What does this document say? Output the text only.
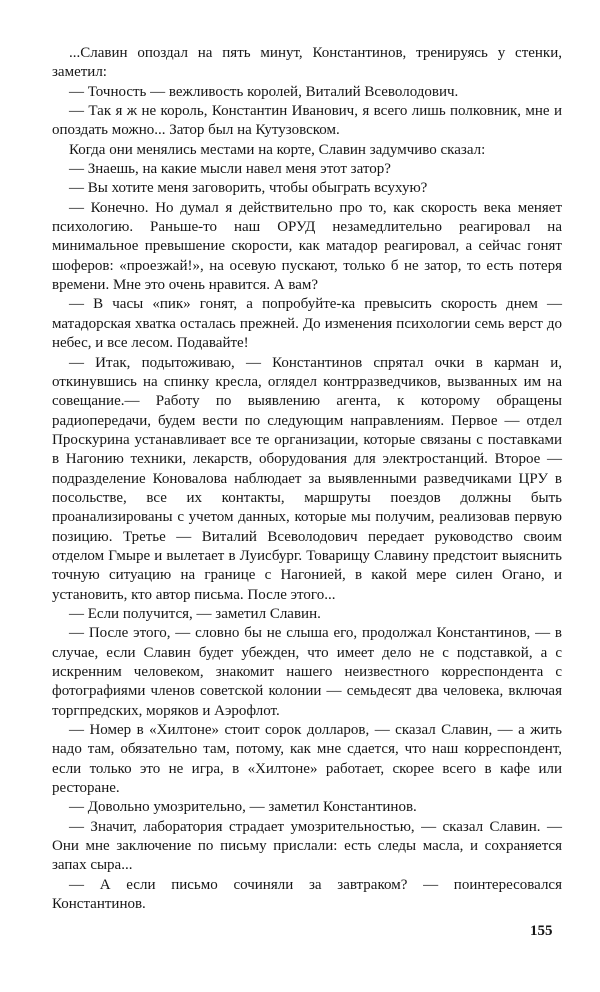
...Славин опоздал на пять минут, Константинов, тренируясь у стенки, заметил:

— Точность — вежливость королей, Виталий Всеволодович.

— Так я ж не король, Константин Иванович, я всего лишь полковник, мне и опоздать можно... Затор был на Кутузовском.

Когда они менялись местами на корте, Славин задумчиво сказал:

— Знаешь, на какие мысли навел меня этот затор?

— Вы хотите меня заговорить, чтобы обыграть всухую?

— Конечно. Но думал я действительно про то, как скорость века меняет психологию. Раньше-то наш ОРУД незамедлительно реагировал на минимальное превышение скорости, как матадор реагировал, а сейчас гонят шоферов: «проезжай!», на осевую пускают, только б не затор, то есть потеря времени. Мне это очень нравится. А вам?

— В часы «пик» гонят, а попробуйте-ка превысить скорость днем — матадорская хватка осталась прежней. До изменения психологии семь верст до небес, и все лесом. Подавайте!

— Итак, подытоживаю, — Константинов спрятал очки в карман и, откинувшись на спинку кресла, оглядел контрразведчиков, вызванных им на совещание.— Работу по выявлению агента, к которому обращены радиопередачи, будем вести по следующим направлениям. Первое — отдел Проскурина устанавливает все те организации, которые связаны с поставками в Нагонию техники, лекарств, оборудования для электростанций. Второе — подразделение Коновалова наблюдает за выявленными разведчиками ЦРУ в посольстве, все их контакты, маршруты поездов должны быть проанализированы с учетом данных, которые мы получим, реализовав первую позицию. Третье — Виталий Всеволодович передает руководство своим отделом Гмыре и вылетает в Луисбург. Товарищу Славину предстоит выяснить точную ситуацию на границе с Нагонией, в какой мере силен Огано, и установить, кто автор письма. После этого...

— Если получится, — заметил Славин.

— После этого, — словно бы не слыша его, продолжал Константинов, — в случае, если Славин будет убежден, что имеет дело не с подставкой, а с искренним человеком, знакомит нашего неизвестного корреспондента с фотографиями членов советской колонии — семьдесят два человека, включая торгпредских, моряков и Аэрофлот.

— Номер в «Хилтоне» стоит сорок долларов, — сказал Славин, — а жить надо там, обязательно там, потому, как мне сдается, что наш корреспондент, если только это не игра, в «Хилтоне» работает, скорее всего в кафе или ресторане.

— Довольно умозрительно, — заметил Константинов.

— Значит, лаборатория страдает умозрительностью, — сказал Славин. — Они мне заключение по письму прислали: есть следы масла, и сохраняется запах сыра...

— А если письмо сочиняли за завтраком? — поинтересовался Константинов.

155
